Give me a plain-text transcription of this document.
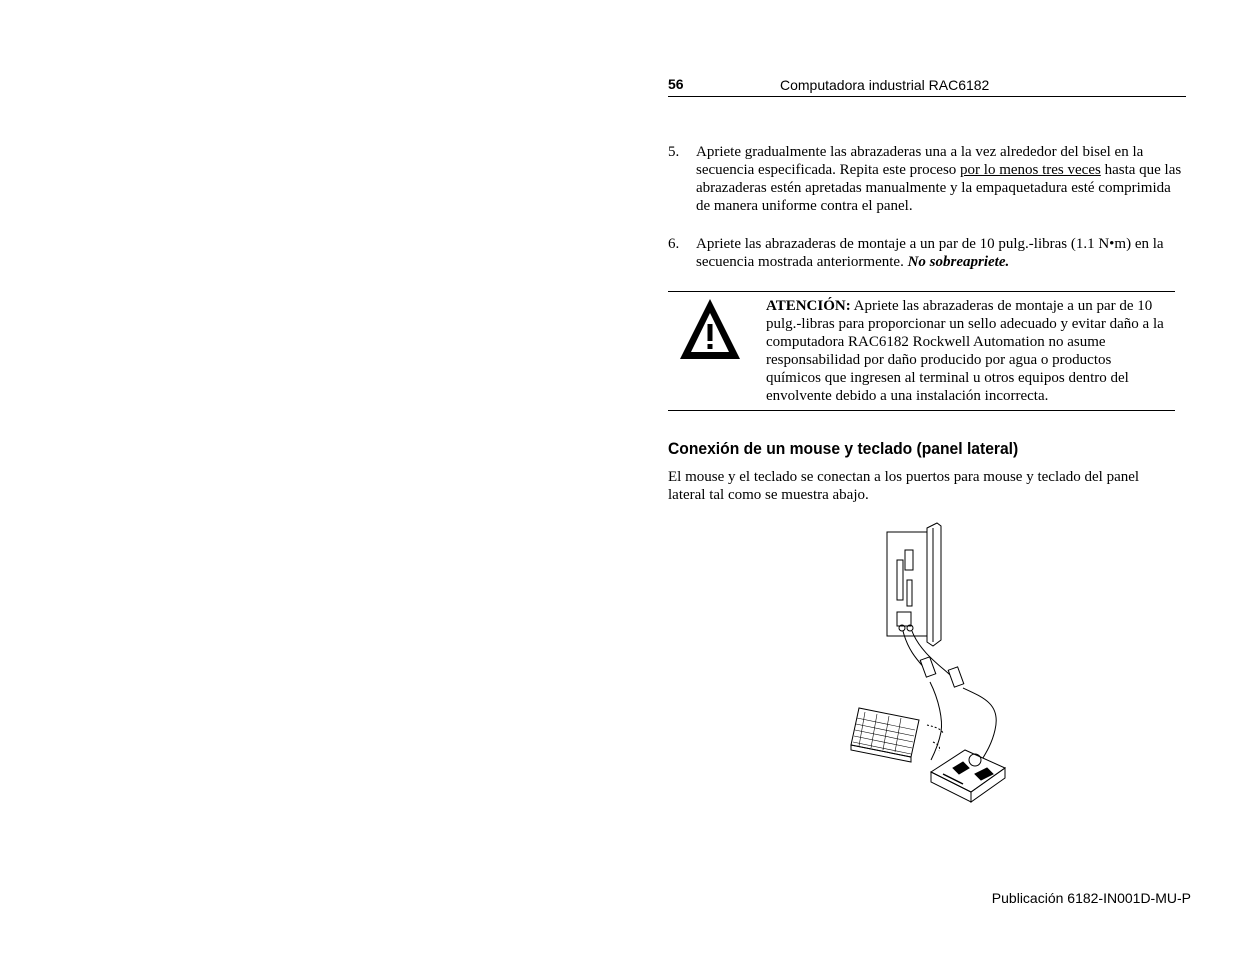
56	Computadora industrial RAC6182
5. Apriete gradualmente las abrazaderas una a la vez alrededor del bisel en la secuencia especificada. Repita este proceso por lo menos tres veces hasta que las abrazaderas estén apretadas manualmente y la empaquetadura esté comprimida de manera uniforme contra el panel.
6. Apriete las abrazaderas de montaje a un par de 10 pulg.-libras (1.1 N•m) en la secuencia mostrada anteriormente. No sobreapriete.
ATENCIÓN: Apriete las abrazaderas de montaje a un par de 10 pulg.-libras para proporcionar un sello adecuado y evitar daño a la computadora RAC6182 Rockwell Automation no asume responsabilidad por daño producido por agua o productos químicos que ingresen al terminal u otros equipos dentro del envolvente debido a una instalación incorrecta.
Conexión de un mouse y teclado (panel lateral)
El mouse y el teclado se conectan a los puertos para mouse y teclado del panel lateral tal como se muestra abajo.
Publicación 6182-IN001D-MU-P
